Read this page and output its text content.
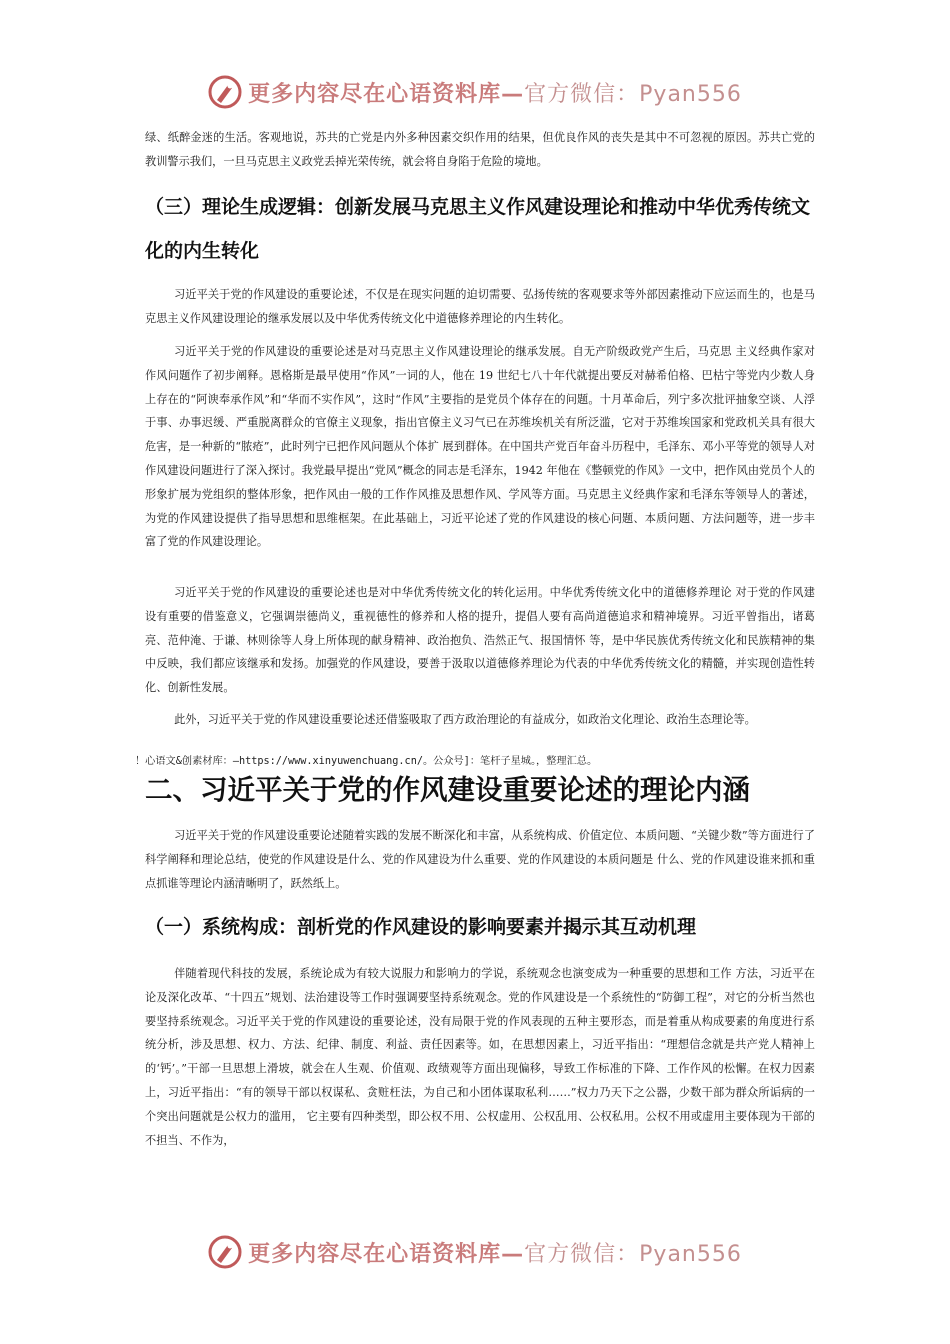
更多内容尽在心语资料库—官方微信：Pyan556

绿、纸醉金迷的生活。客观地说，苏共的亡党是内外多种因素交织作用的结果，但优良作风的丧失是其中不可忽视的原因。苏共亡党的教训警示我们，一旦马克思主义政党丢掉光荣传统，就会将自身陷于危险的境地。

（三）理论生成逻辑：创新发展马克思主义作风建设理论和推动中华优秀传统文化的内生转化

习近平关于党的作风建设的重要论述，不仅是在现实问题的迫切需要、弘扬传统的客观要求等外部因素推动下应运而生的，也是马克思主义作风建设理论的继承发展以及中华优秀传统文化中道德修养理论的内生转化。

习近平关于党的作风建设的重要论述是对马克思主义作风建设理论的继承发展。自无产阶级政党产生后，马克思 主义经典作家对作风问题作了初步阐释。恩格斯是最早使用“作风”一词的人，他在 19 世纪七八十年代就提出要反对赫希伯格、巴枯宁等党内少数人身上存在的“阿谀奉承作风”和“华而不实作风”，这时“作风”主要指的是党员个体存在的问题。十月革命后，列宁多次批评抽象空谈、人浮于事、办事迟缓、严重脱离群众的官僚主义现象，指出官僚主义习气已在苏维埃机关有所泛滥，它对于苏维埃国家和党政机关具有很大危害，是一种新的“脓疮”，此时列宁已把作风问题从个体扩 展到群体。在中国共产党百年奋斗历程中，毛泽东、邓小平等党的领导人对作风建设问题进行了深入探讨。我党最早提出“党风”概念的同志是毛泽东，1942 年他在《整顿党的作风》一文中，把作风由党员个人的形象扩展为党组织的整体形象，把作风由一般的工作作风推及思想作风、学风等方面。马克思主义经典作家和毛泽东等领导人的著述，为党的作风建设提供了指导思想和思维框架。在此基础上，习近平论述了党的作风建设的核心问题、本质问题、方法问题等，进一步丰富了党的作风建设理论。

习近平关于党的作风建设的重要论述也是对中华优秀传统文化的转化运用。中华优秀传统文化中的道德修养理论 对于党的作风建设有重要的借鉴意义，它强调崇德尚义，重视德性的修养和人格的提升，提倡人要有高尚道德追求和精神境界。习近平曾指出，诸葛亮、范仲淹、于谦、林则徐等人身上所体现的献身精神、政治抱负、浩然正气、报国情怀 等，是中华民族优秀传统文化和民族精神的集中反映，我们都应该继承和发扬。加强党的作风建设，要善于汲取以道德修养理论为代表的中华优秀传统文化的精髓，并实现创造性转化、创新性发展。

此外，习近平关于党的作风建设重要论述还借鉴吸取了西方政治理论的有益成分，如政治文化理论、政治生态理论等。

！心语文&创素材库：—https://www.xinyuwenchuang.cn/。公众号]：笔杆子星城。，整理汇总。
二、习近平关于党的作风建设重要论述的理论内涵

习近平关于党的作风建设重要论述随着实践的发展不断深化和丰富，从系统构成、价值定位、本质问题、“关键少数”等方面进行了科学阐释和理论总结，使党的作风建设是什么、党的作风建设为什么重要、党的作风建设的本质问题是 什么、党的作风建设谁来抓和重点抓谁等理论内涵清晰明了，跃然纸上。

（一）系统构成：剖析党的作风建设的影响要素并揭示其互动机理

伴随着现代科技的发展，系统论成为有较大说服力和影响力的学说，系统观念也演变成为一种重要的思想和工作 方法，习近平在论及深化改革、“十四五”规划、法治建设等工作时强调要坚持系统观念。党的作风建设是一个系统性的“防御工程”，对它的分析当然也要坚持系统观念。习近平关于党的作风建设的重要论述，没有局限于党的作风表现的五种主要形态，而是着重从构成要素的角度进行系统分析，涉及思想、权力、方法、纪律、制度、利益、责任因素等。如，在思想因素上，习近平指出：“理想信念就是共产党人精神上的‘钙’。”干部一旦思想上滑坡，就会在人生观、价值观、政绩观等方面出现偏移，导致工作标准的下降、工作作风的松懈。在权力因素上，习近平指出：“有的领导干部以权谋私、贪赃枉法，为自己和小团体谋取私利……”权力乃天下之公器，少数干部为群众所诟病的一个突出问题就是公权力的滥用， 它主要有四种类型，即公权不用、公权虚用、公权乱用、公权私用。公权不用或虚用主要体现为干部的不担当、不作为，

更多内容尽在心语资料库—官方微信：Pyan556
